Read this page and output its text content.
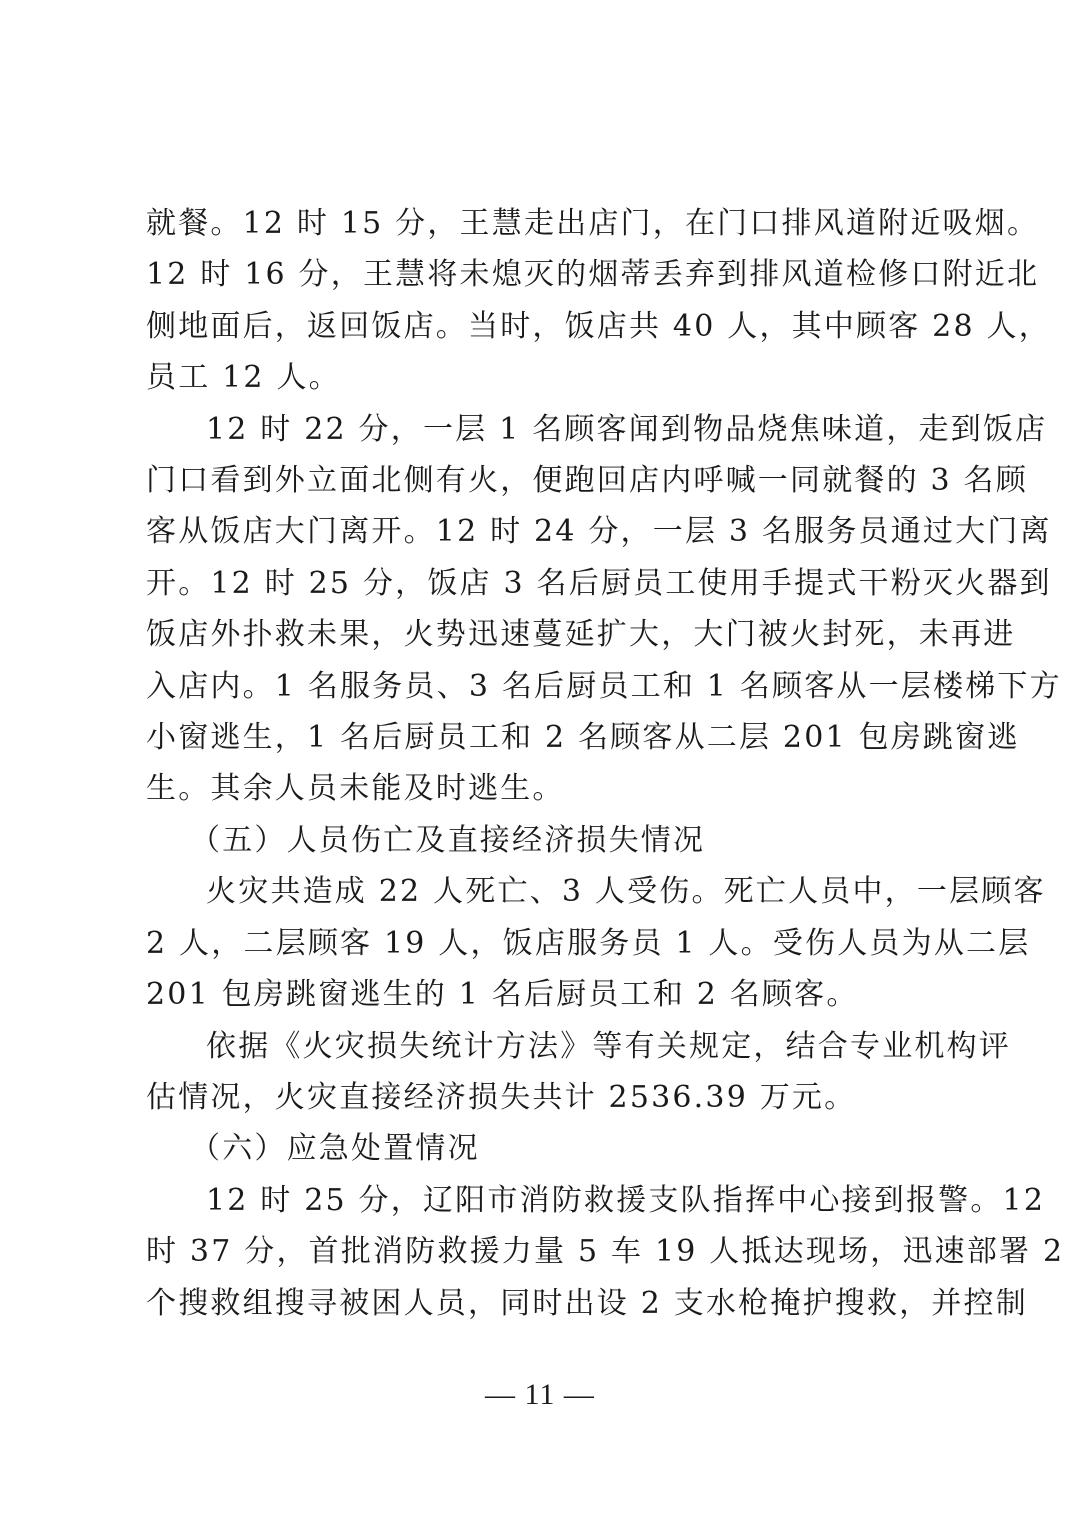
就餐。12 时 15 分，王慧走出店门，在门口排风道附近吸烟。
12 时 16 分，王慧将未熄灭的烟蒂丢弃到排风道检修口附近北
侧地面后，返回饭店。当时，饭店共 40 人，其中顾客 28 人，
员工 12 人。
12 时 22 分，一层 1 名顾客闻到物品烧焦味道，走到饭店
门口看到外立面北侧有火，便跑回店内呼喊一同就餐的 3 名顾
客从饭店大门离开。12 时 24 分，一层 3 名服务员通过大门离
开。12 时 25 分，饭店 3 名后厨员工使用手提式干粉灭火器到
饭店外扑救未果，火势迅速蔓延扩大，大门被火封死，未再进
入店内。1 名服务员、3 名后厨员工和 1 名顾客从一层楼梯下方
小窗逃生，1 名后厨员工和 2 名顾客从二层 201 包房跳窗逃
生。其余人员未能及时逃生。
（五）人员伤亡及直接经济损失情况
火灾共造成 22 人死亡、3 人受伤。死亡人员中，一层顾客
2 人，二层顾客 19 人，饭店服务员 1 人。受伤人员为从二层
201 包房跳窗逃生的 1 名后厨员工和 2 名顾客。
依据《火灾损失统计方法》等有关规定，结合专业机构评
估情况，火灾直接经济损失共计 2536.39 万元。
（六）应急处置情况
12 时 25 分，辽阳市消防救援支队指挥中心接到报警。12
时 37 分，首批消防救援力量 5 车 19 人抵达现场，迅速部署 2
个搜救组搜寻被困人员，同时出设 2 支水枪掩护搜救，并控制
— 11 —
